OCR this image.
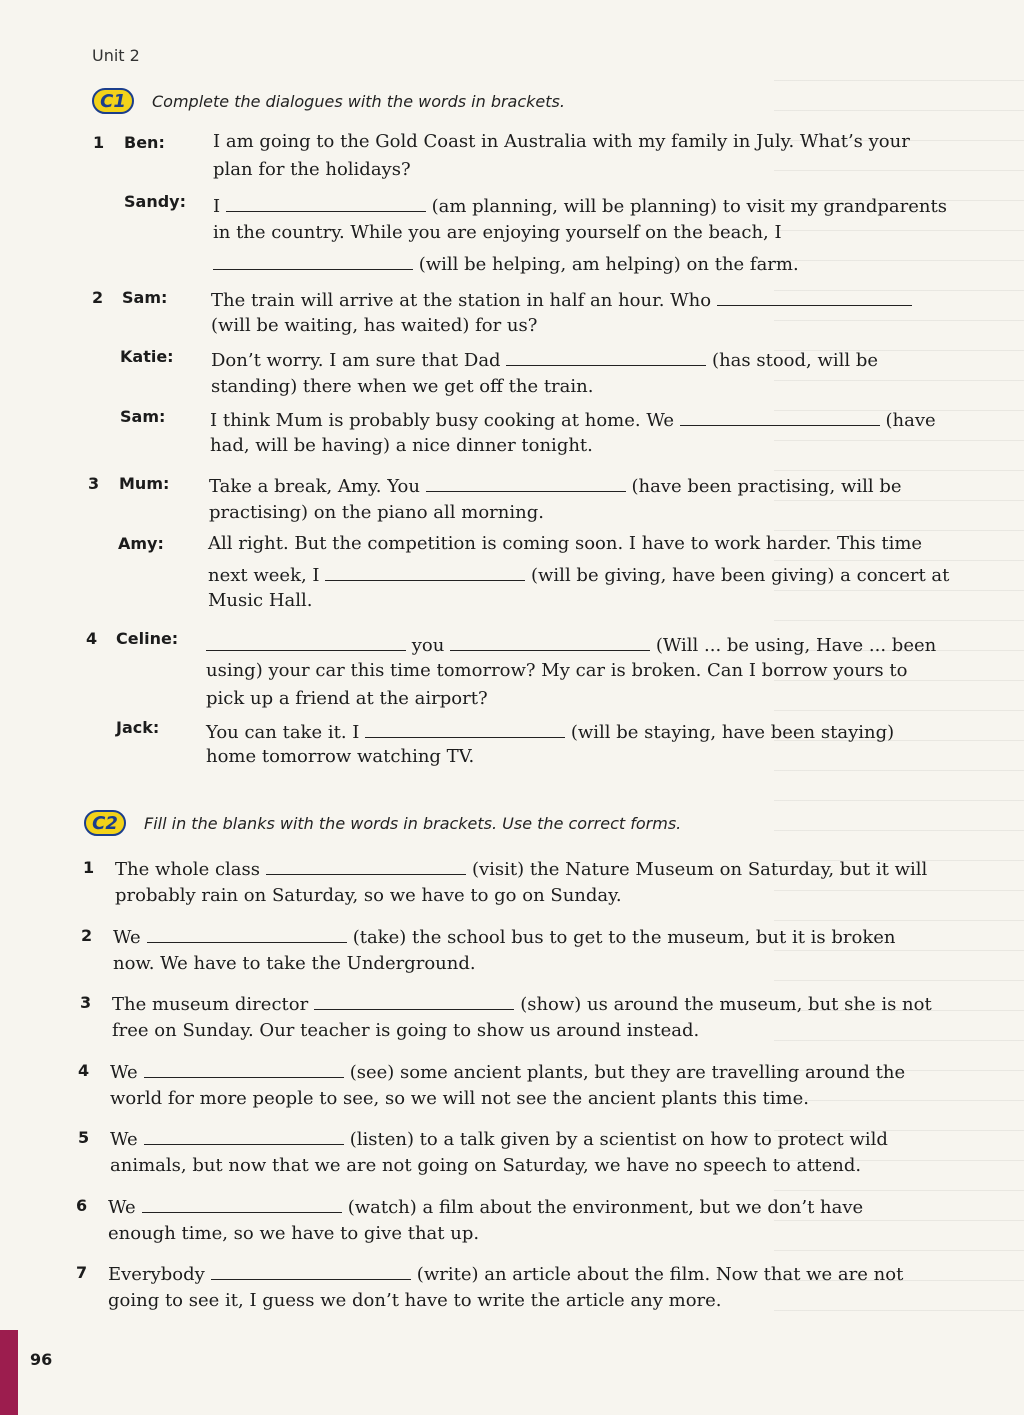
Unit 2
C1	Complete the dialogues with the words in brackets.
1 Ben:	I am going to the Gold Coast in Australia with my family in July. What’s your
plan for the holidays?
Sandy: I	(am planning, will be planning) to visit my grandparents
in the country. While you are enjoying yourself on the beach, I
(will be helping, am helping) on the farm.
2 Sam: The train will arrive at the station in half an hour. Who
(will be waiting, has waited) for us?
Katie: Don’t worry. I am sure that Dad	(has stood, will be
standing) there when we get off the train.
Sam: I think Mum is probably busy cooking at home. We	(have
had, will be having) a nice dinner tonight.
3 Mum: Take a break, Amy. You	(have been practising, will be
practising) on the piano all morning.
Amy: All right. But the competition is coming soon. I have to work harder. This time
next week, I	(will be giving, have been giving) a concert at
Music Hall.
4 Celine:	you	(Will ... be using, Have ... been
using) your car this time tomorrow? My car is broken. Can I borrow yours to
pick up a friend at the airport?
Jack:	You can take it. I	(will be staying, have been staying)
home tomorrow watching TV.
C2	Fill in the blanks with the words in brackets. Use the correct forms.
1 The whole class	(visit) the Nature Museum on Saturday, but it will
probably rain on Saturday, so we have to go on Sunday.
2 We	(take) the school bus to get to the museum, but it is broken
now. We have to take the Underground.
3 The museum director	(show) us around the museum, but she is not
free on Sunday. Our teacher is going to show us around instead.
4 We	(see) some ancient plants, but they are travelling around the
world for more people to see, so we will not see the ancient plants this time.
5 We	(listen) to a talk given by a scientist on how to protect wild
animals, but now that we are not going on Saturday, we have no speech to attend.
6 We	(watch) a film about the environment, but we don’t have
enough time, so we have to give that up.
7 Everybody	(write) an article about the film. Now that we are not
going to see it, I guess we don’t have to write the article any more.
96
